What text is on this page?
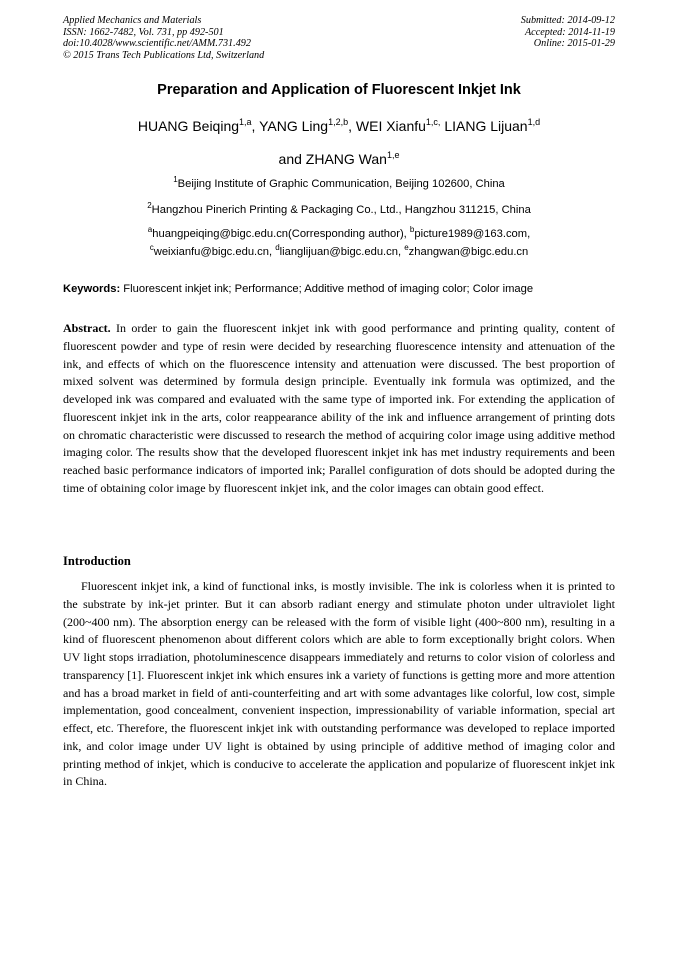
Applied Mechanics and Materials
ISSN: 1662-7482, Vol. 731, pp 492-501
doi:10.4028/www.scientific.net/AMM.731.492
© 2015 Trans Tech Publications Ltd, Switzerland
Submitted: 2014-09-12
Accepted: 2014-11-19
Online: 2015-01-29
Preparation and Application of Fluorescent Inkjet Ink
HUANG Beiqing$^{1,a}$, YANG Ling$^{1,2,b}$, WEI Xianfu$^{1,c,}$ LIANG Lijuan$^{1,d}$
and ZHANG Wan$^{1,e}$
$^1$Beijing Institute of Graphic Communication, Beijing 102600, China
$^2$Hangzhou Pinerich Printing & Packaging Co., Ltd., Hangzhou 311215, China
$^a$huangpeiqing@bigc.edu.cn(Corresponding author), $^b$picture1989@163.com,
$^c$weixianfu@bigc.edu.cn, $^d$lianglijuan@bigc.edu.cn, $^e$zhangwan@bigc.edu.cn
Keywords: Fluorescent inkjet ink; Performance; Additive method of imaging color; Color image
Abstract. In order to gain the fluorescent inkjet ink with good performance and printing quality, content of fluorescent powder and type of resin were decided by researching fluorescence intensity and attenuation of the ink, and effects of which on the fluorescence intensity and attenuation were discussed. The best proportion of mixed solvent was determined by formula design principle. Eventually ink formula was optimized, and the developed ink was compared and evaluated with the same type of imported ink. For extending the application of fluorescent inkjet ink in the arts, color reappearance ability of the ink and influence arrangement of printing dots on chromatic characteristic were discussed to research the method of acquiring color image using additive method imaging color. The results show that the developed fluorescent inkjet ink has met industry requirements and been reached basic performance indicators of imported ink; Parallel configuration of dots should be adopted during the time of obtaining color image by fluorescent inkjet ink, and the color images can obtain good effect.
Introduction
Fluorescent inkjet ink, a kind of functional inks, is mostly invisible. The ink is colorless when it is printed to the substrate by ink-jet printer. But it can absorb radiant energy and stimulate photon under ultraviolet light (200~400 nm). The absorption energy can be released with the form of visible light (400~800 nm), resulting in a kind of fluorescent phenomenon about different colors which are able to form exceptionally bright colors. When UV light stops irradiation, photoluminescence disappears immediately and returns to color vision of colorless and transparency [1]. Fluorescent inkjet ink which ensures ink a variety of functions is getting more and more attention and has a broad market in field of anti-counterfeiting and art with some advantages like colorful, low cost, simple implementation, good concealment, convenient inspection, impressionability of variable information, special art effect, etc. Therefore, the fluorescent inkjet ink with outstanding performance was developed to replace imported ink, and color image under UV light is obtained by using principle of additive method of imaging color and printing method of inkjet, which is conducive to accelerate the application and popularize of fluorescent inkjet ink in China.
